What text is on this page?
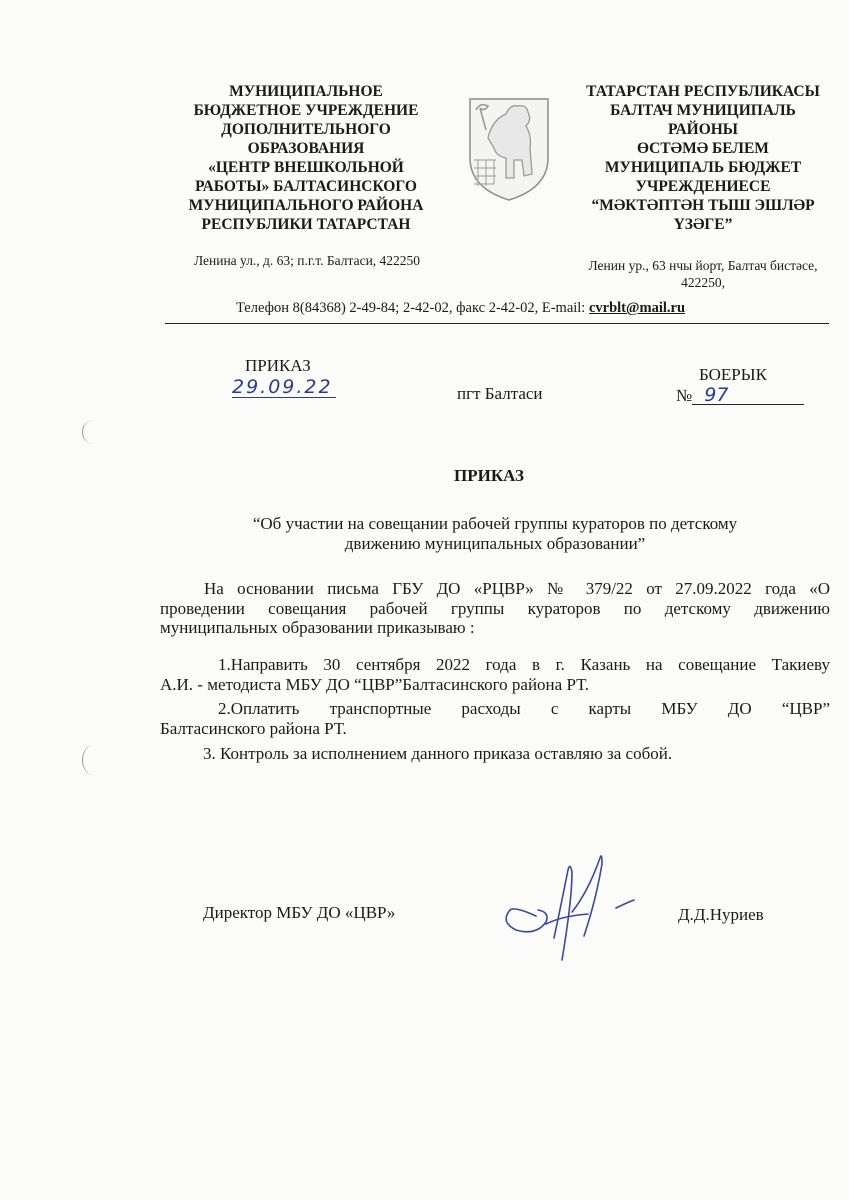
МУНИЦИПАЛЬНОЕ
БЮДЖЕТНОЕ УЧРЕЖДЕНИЕ
ДОПОЛНИТЕЛЬНОГО
ОБРАЗОВАНИЯ
«ЦЕНТР ВНЕШКОЛЬНОЙ
РАБОТЫ» БАЛТАСИНСКОГО
МУНИЦИПАЛЬНОГО РАЙОНА
РЕСПУБЛИКИ ТАТАРСТАН
Ленина ул., д. 63; п.г.т. Балтаси, 422250
ТАТАРСТАН РЕСПУБЛИКАСЫ
БАЛТАЧ МУНИЦИПАЛЬ
РАЙОНЫ
ӨСТӘМӘ БЕЛЕМ
МУНИЦИПАЛЬ БЮДЖЕТ
УЧРЕЖДЕНИЕСЕ
“МӘКТӘПТӘН ТЫШ ЭШЛӘР
ҮЗӘГЕ”
Ленин ур., 63 нчы йорт, Балтач бистәсе,
422250,
Телефон 8(84368) 2-49-84; 2-42-02, факс 2-42-02, E-mail: cvrblt@mail.ru
ПРИКАЗ
29.09.22	пгт Балтаси
БОЕРЫК
№ 97
ПРИКАЗ
“Об участии на совещании рабочей группы кураторов по детскому
движению муниципальных образовании”
На основании письма ГБУ ДО «РЦВР» № 379/22 от 27.09.2022 года «О
проведении совещания рабочей группы кураторов по детскому движению
муниципальных образовании приказываю :
1.Направить 30 сентября 2022 года в г. Казань на совещание Такиеву
А.И. - методиста МБУ ДО “ЦВР”Балтасинского района РТ.
2.Оплатить транспортные расходы с карты МБУ ДО “ЦВР”
Балтасинского района РТ.
3. Контроль за исполнением данного приказа оставляю за собой.
Директор МБУ ДО «ЦВР»	Д.Д.Нуриев
